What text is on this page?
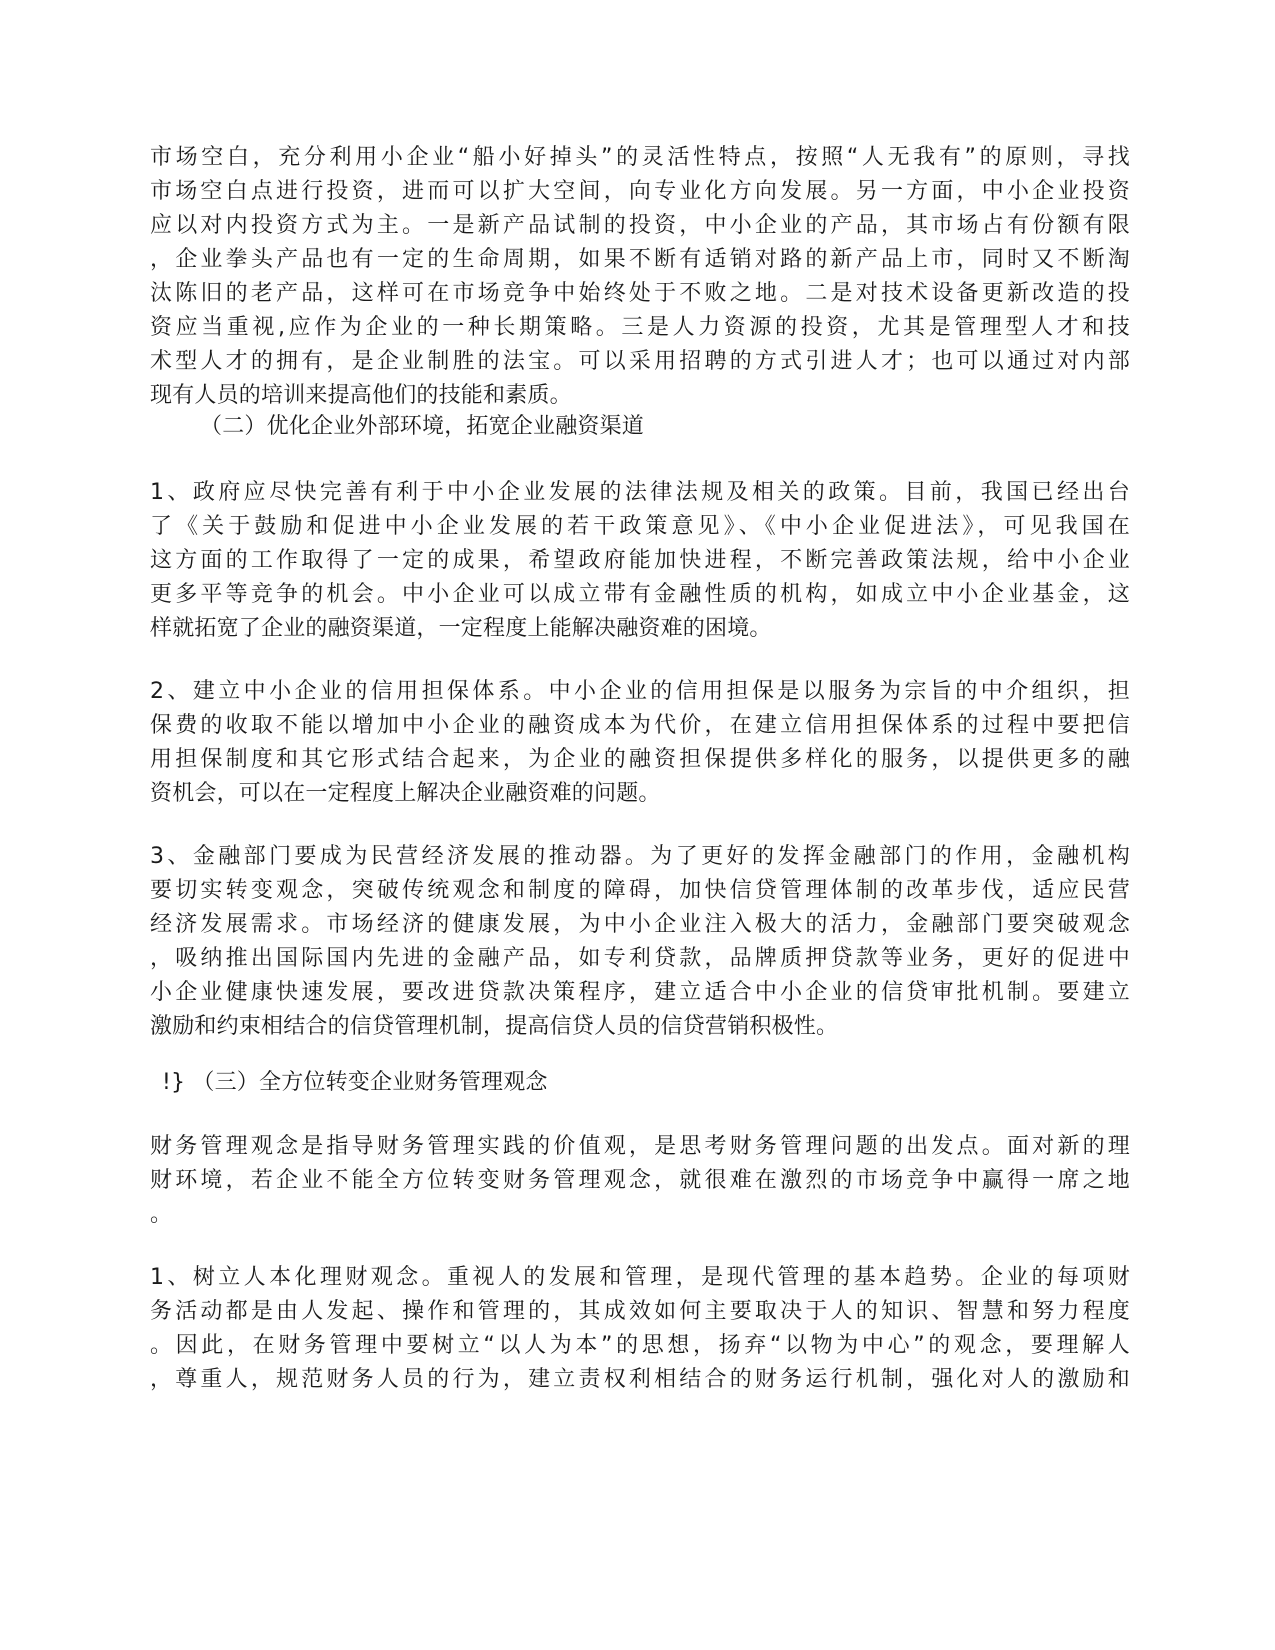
市场空白，充分利用小企业“船小好掉头”的灵活性特点，按照“人无我有”的原则，寻找
市场空白点进行投资，进而可以扩大空间，向专业化方向发展。另一方面，中小企业投资
应以对内投资方式为主。一是新产品试制的投资，中小企业的产品，其市场占有份额有限
，企业拳头产品也有一定的生命周期，如果不断有适销对路的新产品上市，同时又不断淘
汰陈旧的老产品，这样可在市场竞争中始终处于不败之地。二是对技术设备更新改造的投
资应当重视,应作为企业的一种长期策略。三是人力资源的投资，尤其是管理型人才和技
术型人才的拥有，是企业制胜的法宝。可以采用招聘的方式引进人才；也可以通过对内部
现有人员的培训来提高他们的技能和素质。
（二）优化企业外部环境，拓宽企业融资渠道
1、政府应尽快完善有利于中小企业发展的法律法规及相关的政策。目前，我国已经出台
了《关于鼓励和促进中小企业发展的若干政策意见》、《中小企业促进法》，可见我国在
这方面的工作取得了一定的成果，希望政府能加快进程，不断完善政策法规，给中小企业
更多平等竞争的机会。中小企业可以成立带有金融性质的机构，如成立中小企业基金，这
样就拓宽了企业的融资渠道，一定程度上能解决融资难的困境。
2、建立中小企业的信用担保体系。中小企业的信用担保是以服务为宗旨的中介组织，担
保费的收取不能以增加中小企业的融资成本为代价，在建立信用担保体系的过程中要把信
用担保制度和其它形式结合起来，为企业的融资担保提供多样化的服务，以提供更多的融
资机会，可以在一定程度上解决企业融资难的问题。
3、金融部门要成为民营经济发展的推动器。为了更好的发挥金融部门的作用，金融机构
要切实转变观念，突破传统观念和制度的障碍，加快信贷管理体制的改革步伐，适应民营
经济发展需求。市场经济的健康发展，为中小企业注入极大的活力，金融部门要突破观念
，吸纳推出国际国内先进的金融产品，如专利贷款，品牌质押贷款等业务，更好的促进中
小企业健康快速发展，要改进贷款决策程序，建立适合中小企业的信贷审批机制。要建立
激励和约束相结合的信贷管理机制，提高信贷人员的信贷营销积极性。
!} （三）全方位转变企业财务管理观念
财务管理观念是指导财务管理实践的价值观，是思考财务管理问题的出发点。面对新的理
财环境，若企业不能全方位转变财务管理观念，就很难在激烈的市场竞争中赢得一席之地
。
1、树立人本化理财观念。重视人的发展和管理，是现代管理的基本趋势。企业的每项财
务活动都是由人发起、操作和管理的，其成效如何主要取决于人的知识、智慧和努力程度
。因此，在财务管理中要树立“以人为本”的思想，扬弃“以物为中心”的观念，要理解人
，尊重人，规范财务人员的行为，建立责权利相结合的财务运行机制，强化对人的激励和
